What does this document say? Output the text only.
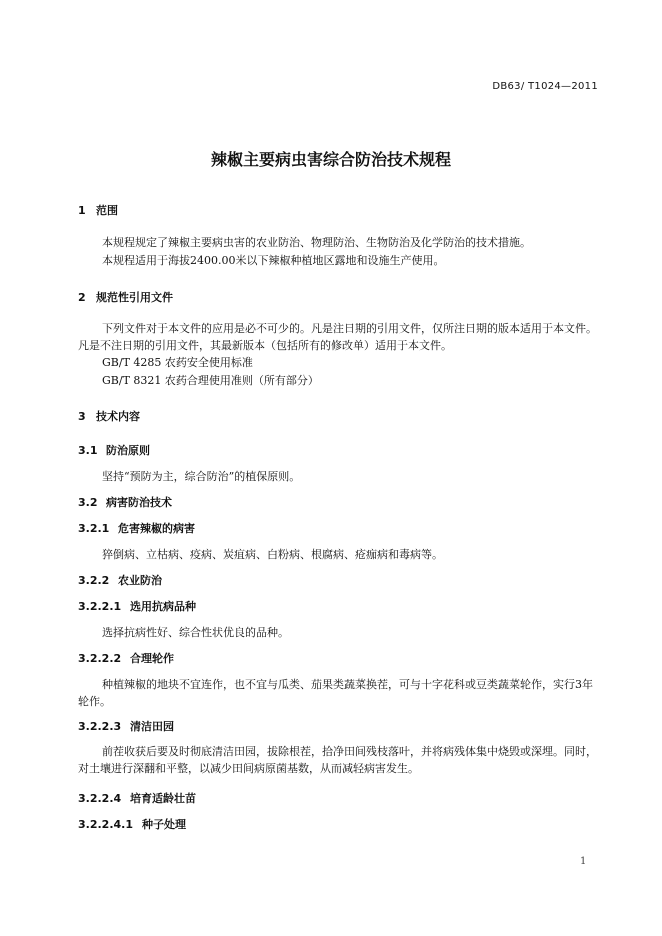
DB63/ T1024—2011
辣椒主要病虫害综合防治技术规程
1 范围
本规程规定了辣椒主要病虫害的农业防治、物理防治、生物防治及化学防治的技术措施。
本规程适用于海拔2400.00米以下辣椒种植地区露地和设施生产使用。
2 规范性引用文件
下列文件对于本文件的应用是必不可少的。凡是注日期的引用文件，仅所注日期的版本适用于本文件。凡是不注日期的引用文件，其最新版本（包括所有的修改单）适用于本文件。
GB/T 4285 农药安全使用标准
GB/T 8321 农药合理使用准则（所有部分）
3 技术内容
3.1 防治原则
坚持“预防为主，综合防治”的植保原则。
3.2 病害防治技术
3.2.1 危害辣椒的病害
猝倒病、立枯病、疫病、炭疽病、白粉病、根腐病、疮痂病和毒病等。
3.2.2 农业防治
3.2.2.1 选用抗病品种
选择抗病性好、综合性状优良的品种。
3.2.2.2 合理轮作
种植辣椒的地块不宜连作，也不宜与瓜类、茄果类蔬菜换茬，可与十字花科或豆类蔬菜轮作，实行3年轮作。
3.2.2.3 清洁田园
前茬收获后要及时彻底清洁田园，拔除根茬，拾净田间残枝落叶，并将病残体集中烧毁或深埋。同时，对土壤进行深翻和平整，以减少田间病原菌基数，从而减轻病害发生。
3.2.2.4 培育适龄壮苗
3.2.2.4.1 种子处理
1
